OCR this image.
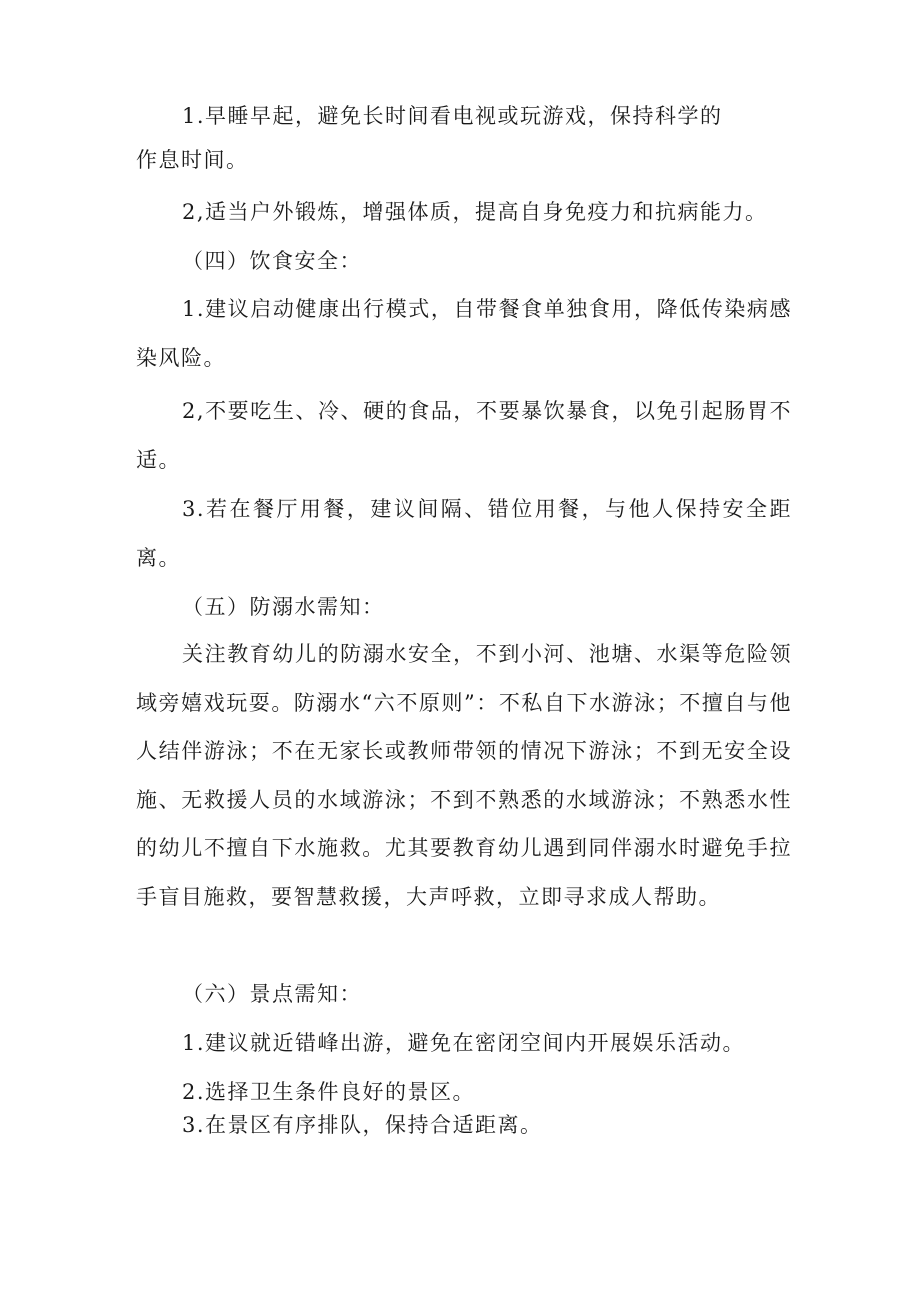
1.早睡早起，避免长时间看电视或玩游戏，保持科学的

作息时间。

2,适当户外锻炼，增强体质，提高自身免疫力和抗病能力。

（四）饮食安全：

1.建议启动健康出行模式，自带餐食单独食用，降低传染病感染风险。

2,不要吃生、冷、硬的食品，不要暴饮暴食，以免引起肠胃不适。

3.若在餐厅用餐，建议间隔、错位用餐，与他人保持安全距离。

（五）防溺水需知：

关注教育幼儿的防溺水安全，不到小河、池塘、水渠等危险领域旁嬉戏玩耍。防溺水“六不原则”：不私自下水游泳；不擅自与他人结伴游泳；不在无家长或教师带领的情况下游泳；不到无安全设施、无救援人员的水域游泳；不到不熟悉的水域游泳；不熟悉水性的幼儿不擅自下水施救。尤其要教育幼儿遇到同伴溺水时避免手拉手盲目施救，要智慧救援，大声呼救，立即寻求成人帮助。

（六）景点需知：

1.建议就近错峰出游，避免在密闭空间内开展娱乐活动。

2.选择卫生条件良好的景区。

3.在景区有序排队，保持合适距离。
